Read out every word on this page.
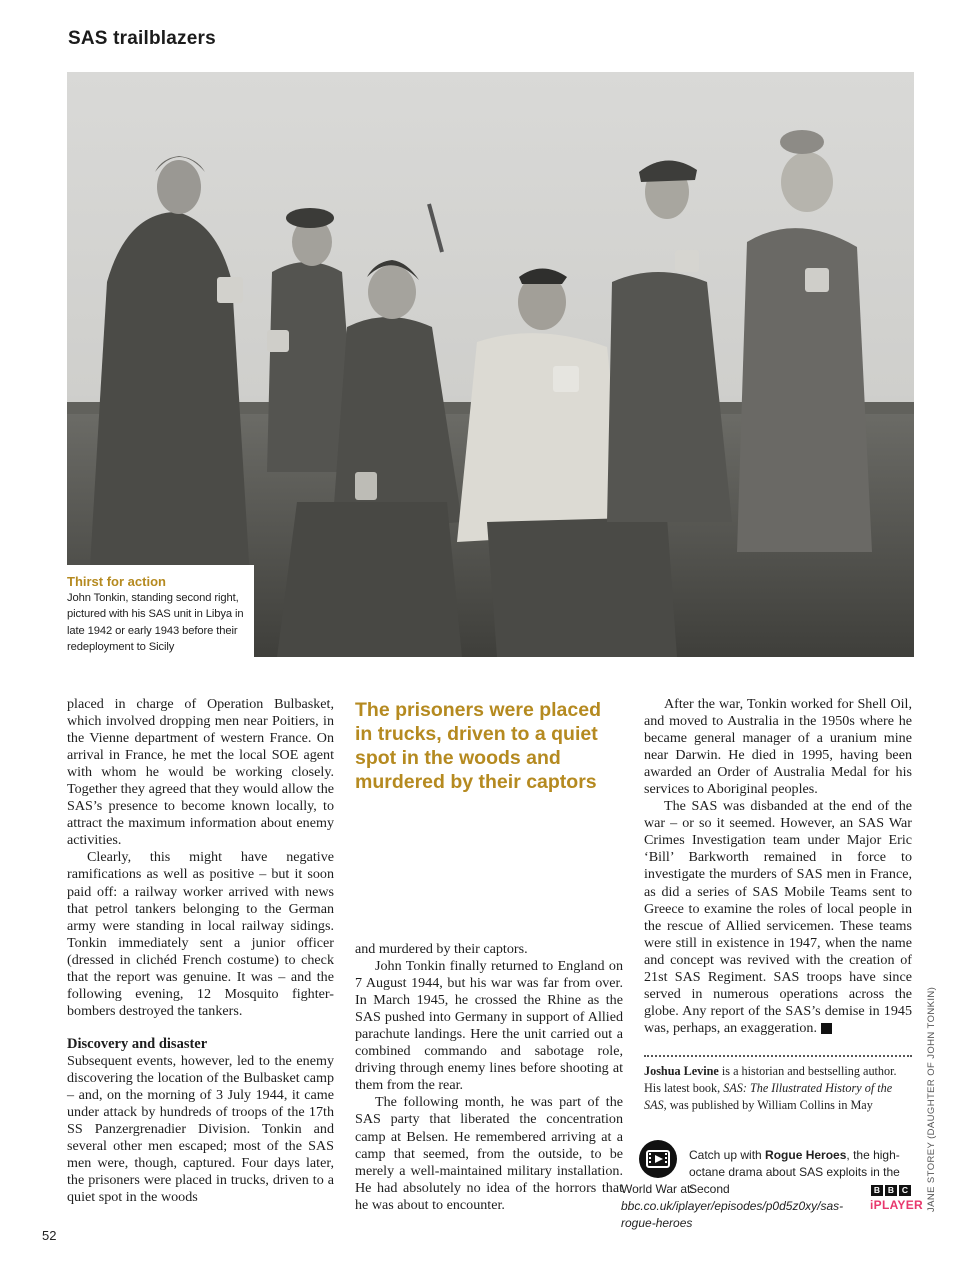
SAS trailblazers
Thirst for action
John Tonkin, standing second right, pictured with his SAS unit in Libya in late 1942 or early 1943 before their redeployment to Sicily

placed in charge of Operation Bulbasket, which involved dropping men near Poitiers, in the Vienne department of western France. On arrival in France, he met the local SOE agent with whom he would be working closely. Together they agreed that they would allow the SAS’s presence to become known locally, to attract the maximum information about enemy activities.

Clearly, this might have negative ramifications as well as positive – but it soon paid off: a railway worker arrived with news that petrol tankers belonging to the German army were standing in local railway sidings. Tonkin immediately sent a junior officer (dressed in clichéd French costume) to check that the report was genuine. It was – and the following evening, 12 Mosquito fighter-bombers destroyed the tankers.

Discovery and disaster

Subsequent events, however, led to the enemy discovering the location of the Bulbasket camp – and, on the morning of 3 July 1944, it came under attack by hundreds of troops of the 17th SS Panzergrenadier Division. Tonkin and several other men escaped; most of the SAS men were, though, captured. Four days later, the prisoners were placed in trucks, driven to a quiet spot in the woods

The prisoners were placed in trucks, driven to a quiet spot in the woods and murdered by their captors

and murdered by their captors.

John Tonkin finally returned to England on 7 August 1944, but his war was far from over. In March 1945, he crossed the Rhine as the SAS pushed into Germany in support of Allied parachute landings. Here the unit carried out a combined commando and sabotage role, driving through enemy lines before shooting at them from the rear.

The following month, he was part of the SAS party that liberated the concentration camp at Belsen. He remembered arriving at a camp that seemed, from the outside, to be merely a well-maintained military installation. He had absolutely no idea of the horrors that he was about to encounter.

After the war, Tonkin worked for Shell Oil, and moved to Australia in the 1950s where he became general manager of a uranium mine near Darwin. He died in 1995, having been awarded an Order of Australia Medal for his services to Aboriginal peoples.

The SAS was disbanded at the end of the war – or so it seemed. However, an SAS War Crimes Investigation team under Major Eric ‘Bill’ Barkworth remained in force to investigate the murders of SAS men in France, as did a series of SAS Mobile Teams sent to Greece to examine the roles of local people in the rescue of Allied servicemen. These teams were still in existence in 1947, when the name and concept was revived with the creation of 21st SAS Regiment. SAS troops have since served in numerous operations across the globe. Any report of the SAS’s demise in 1945 was, perhaps, an exaggeration.	H

Joshua Levine is a historian and bestselling author. His latest book, SAS: The Illustrated History of the SAS, was published by William Collins in May
Catch up with Rogue Heroes, the high-octane drama about SAS exploits in the Second
World War at: bbc.co.uk/iplayer/episodes/p0d5z0xy/sas-rogue-heroes
B B C
iPLAYER JANE STOREY (DAUGHTER OF JOHN TONKIN)
52
